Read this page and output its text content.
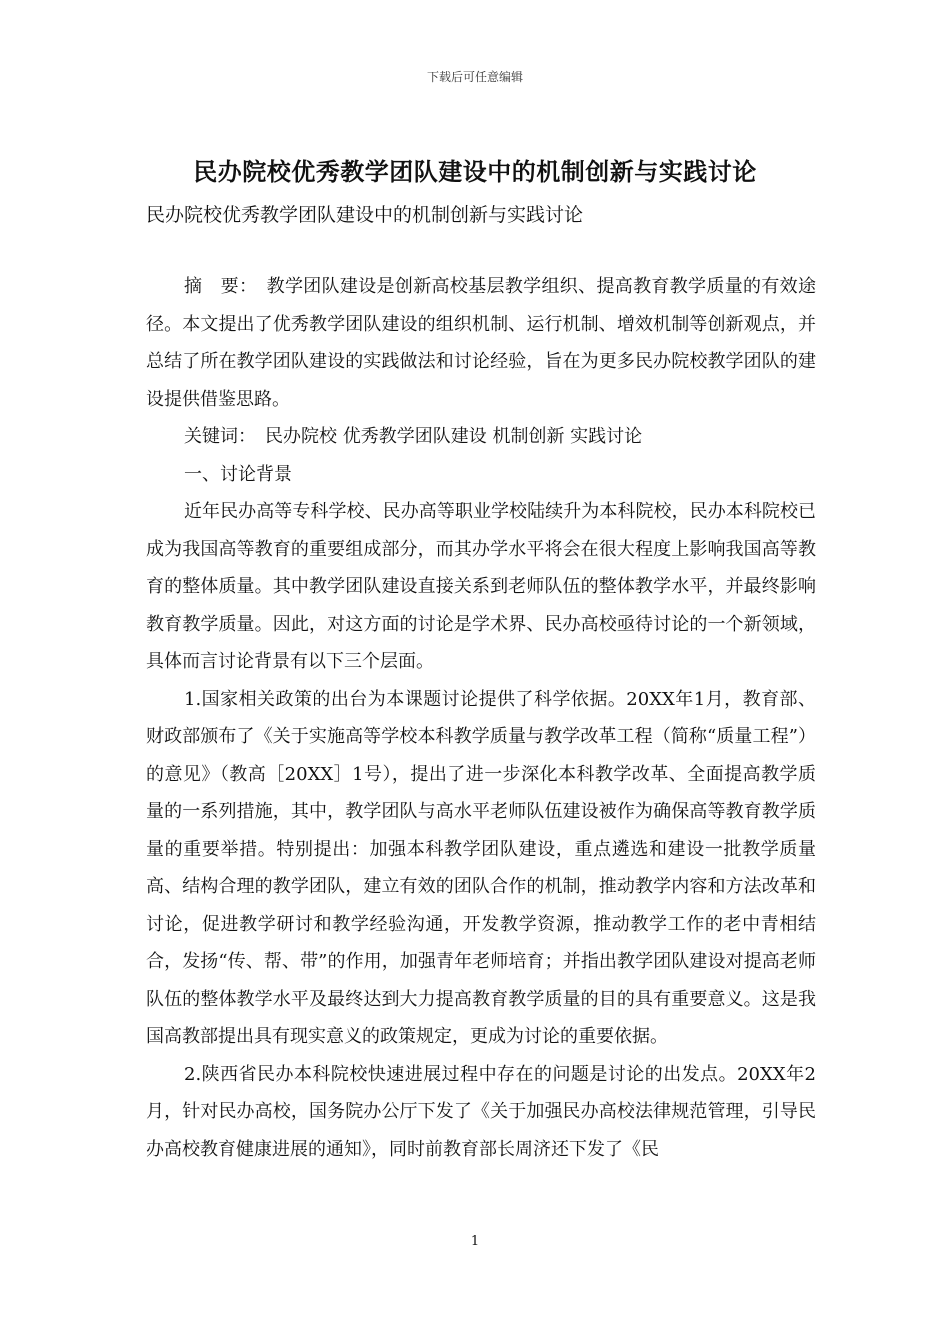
下载后可任意编辑
民办院校优秀教学团队建设中的机制创新与实践讨论
民办院校优秀教学团队建设中的机制创新与实践讨论

摘　要：　教学团队建设是创新高校基层教学组织、提高教育教学质量的有效途径。本文提出了优秀教学团队建设的组织机制、运行机制、增效机制等创新观点，并总结了所在教学团队建设的实践做法和讨论经验，旨在为更多民办院校教学团队的建设提供借鉴思路。

关键词：　民办院校 优秀教学团队建设 机制创新 实践讨论

一、讨论背景

近年民办高等专科学校、民办高等职业学校陆续升为本科院校，民办本科院校已成为我国高等教育的重要组成部分，而其办学水平将会在很大程度上影响我国高等教育的整体质量。其中教学团队建设直接关系到老师队伍的整体教学水平，并最终影响教育教学质量。因此，对这方面的讨论是学术界、民办高校亟待讨论的一个新领域，具体而言讨论背景有以下三个层面。

1.国家相关政策的出台为本课题讨论提供了科学依据。20XX年1月，教育部、财政部颁布了《关于实施高等学校本科教学质量与教学改革工程（简称“质量工程”）的意见》（教高［20XX］1号），提出了进一步深化本科教学改革、全面提高教学质量的一系列措施，其中，教学团队与高水平老师队伍建设被作为确保高等教育教学质量的重要举措。特别提出：加强本科教学团队建设，重点遴选和建设一批教学质量高、结构合理的教学团队，建立有效的团队合作的机制，推动教学内容和方法改革和讨论，促进教学研讨和教学经验沟通，开发教学资源，推动教学工作的老中青相结合，发扬“传、帮、带”的作用，加强青年老师培育；并指出教学团队建设对提高老师队伍的整体教学水平及最终达到大力提高教育教学质量的目的具有重要意义。这是我国高教部提出具有现实意义的政策规定，更成为讨论的重要依据。

2.陕西省民办本科院校快速进展过程中存在的问题是讨论的出发点。20XX年2月，针对民办高校，国务院办公厅下发了《关于加强民办高校法律规范管理，引导民办高校教育健康进展的通知》，同时前教育部长周济还下发了《民

1
